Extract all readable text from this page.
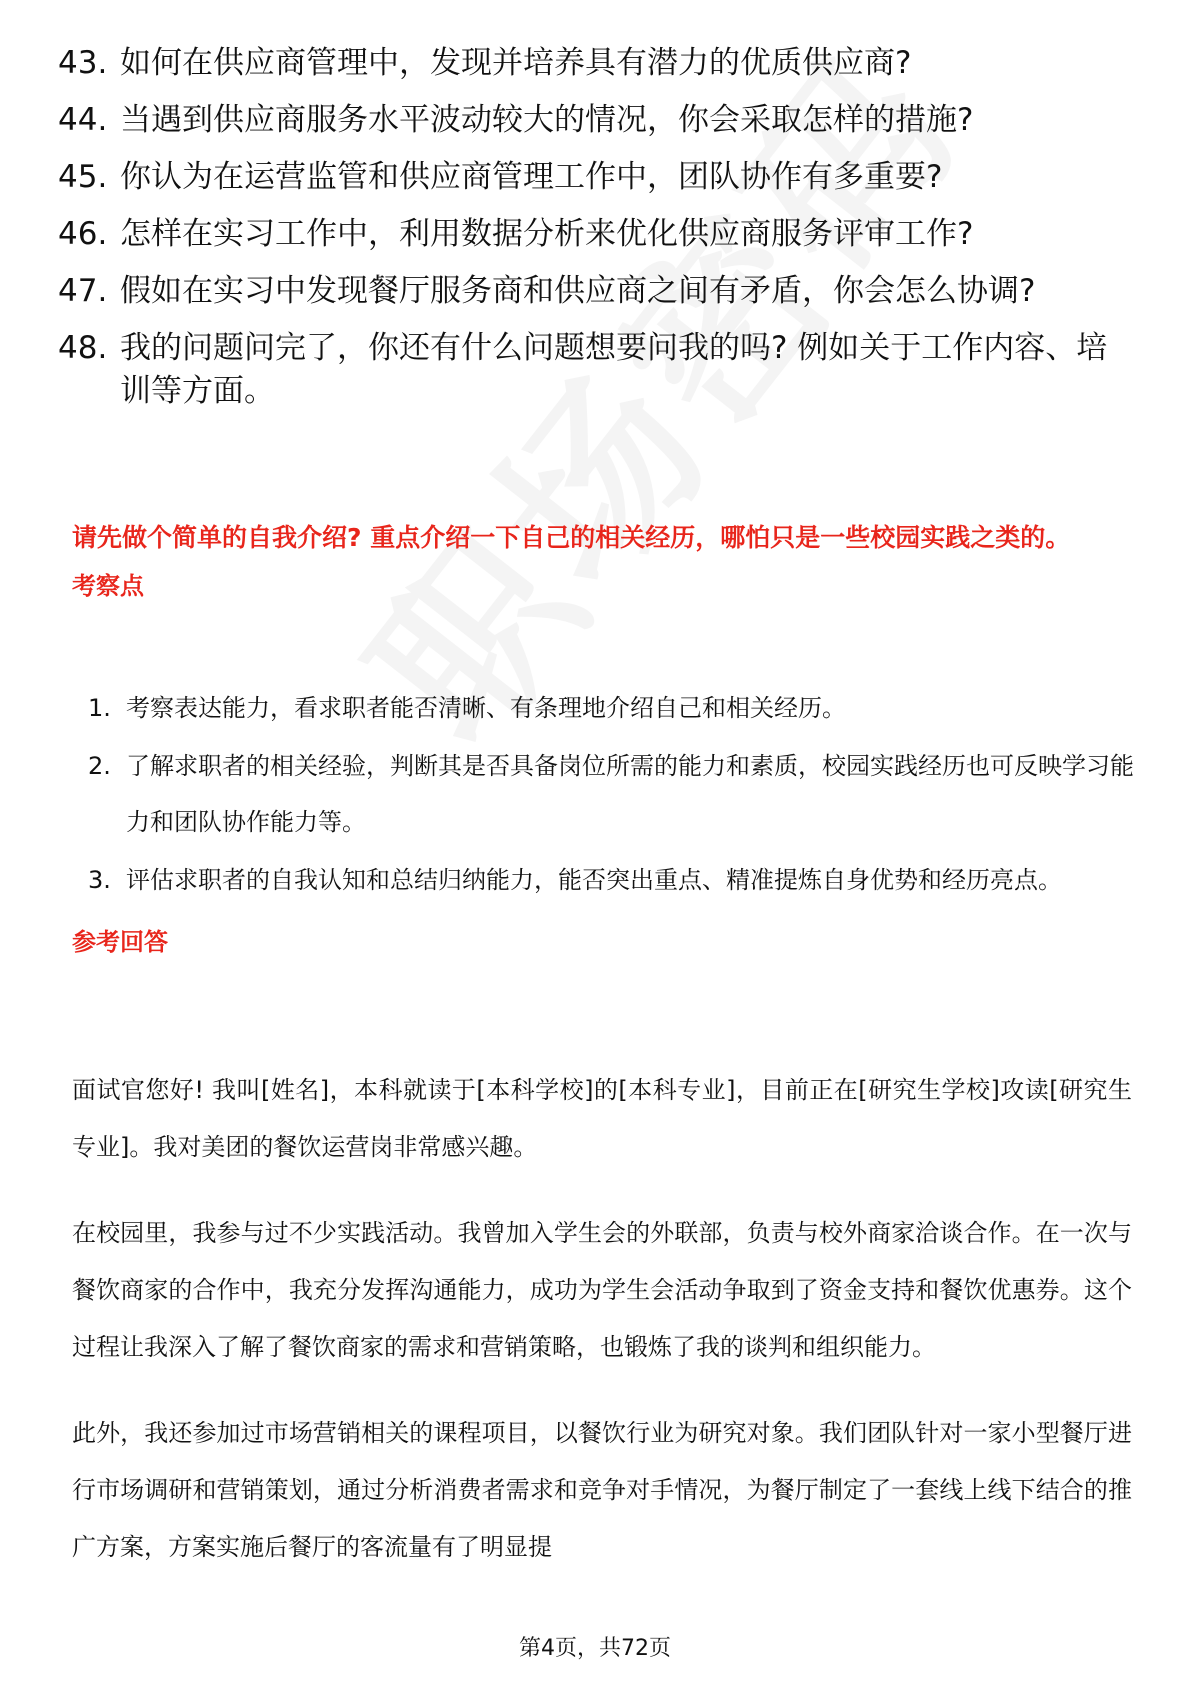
43. 如何在供应商管理中，发现并培养具有潜力的优质供应商?
44. 当遇到供应商服务水平波动较大的情况，你会采取怎样的措施?
45. 你认为在运营监管和供应商管理工作中，团队协作有多重要?
46. 怎样在实习工作中，利用数据分析来优化供应商服务评审工作?
47. 假如在实习中发现餐厅服务商和供应商之间有矛盾，你会怎么协调?
48. 我的问题问完了，你还有什么问题想要问我的吗? 例如关于工作内容、培训等方面。
请先做个简单的自我介绍? 重点介绍一下自己的相关经历，哪怕只是一些校园实践之类的。
考察点
1. 考察表达能力，看求职者能否清晰、有条理地介绍自己和相关经历。
2. 了解求职者的相关经验，判断其是否具备岗位所需的能力和素质，校园实践经历也可反映学习能力和团队协作能力等。
3. 评估求职者的自我认知和总结归纳能力，能否突出重点、精准提炼自身优势和经历亮点。
参考回答

面试官您好! 我叫[姓名]，本科就读于[本科学校]的[本科专业]，目前正在[研究生学校]攻读[研究生专业]。我对美团的餐饮运营岗非常感兴趣。

在校园里，我参与过不少实践活动。我曾加入学生会的外联部，负责与校外商家洽谈合作。在一次与餐饮商家的合作中，我充分发挥沟通能力，成功为学生会活动争取到了资金支持和餐饮优惠券。这个过程让我深入了解了餐饮商家的需求和营销策略，也锻炼了我的谈判和组织能力。

此外，我还参加过市场营销相关的课程项目，以餐饮行业为研究对象。我们团队针对一家小型餐厅进行市场调研和营销策划，通过分析消费者需求和竞争对手情况，为餐厅制定了一套线上线下结合的推广方案，方案实施后餐厅的客流量有了明显提

第4页，共72页
